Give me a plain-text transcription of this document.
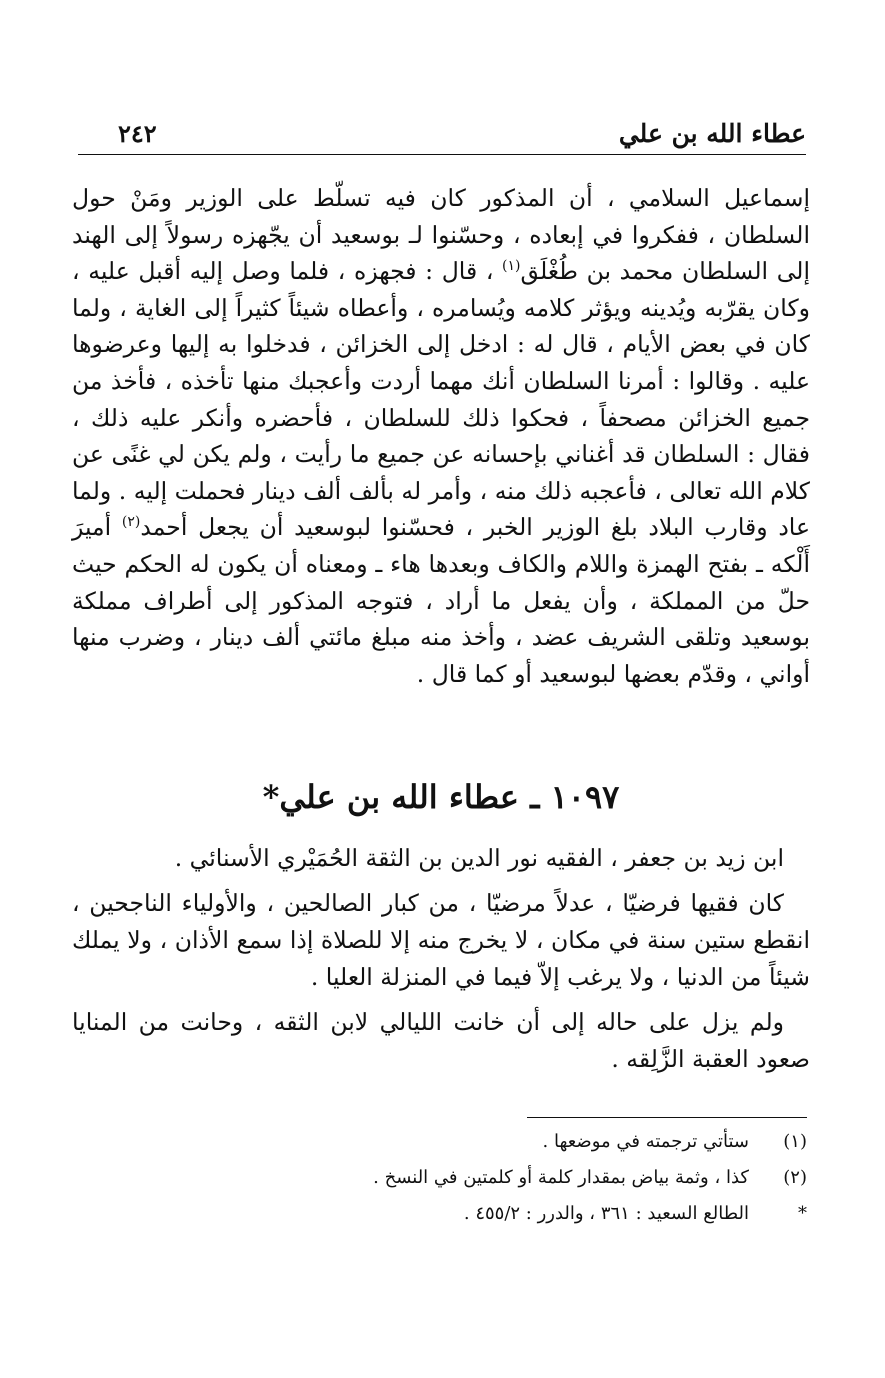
عطاء الله بن علي
٢٤٢

إسماعيل السلامي ، أن المذكور كان فيه تسلّط على الوزير ومَنْ حول السلطان ، ففكروا في إبعاده ، وحسّنوا لـ بوسعيد أن يجّهزه رسولاً إلى الهند إلى السلطان محمد بن طُغْلَق$^{(١)}$ ، قال : فجهزه ، فلما وصل إليه أقبل عليه ، وكان يقرّبه ويُدينه ويؤثر كلامه ويُسامره ، وأعطاه شيئاً كثيراً إلى الغاية ، ولما كان في بعض الأيام ، قال له : ادخل إلى الخزائن ، فدخلوا به إليها وعرضوها عليه . وقالوا : أمرنا السلطان أنك مهما أردت وأعجبك منها تأخذه ، فأخذ من جميع الخزائن مصحفاً ، فحكوا ذلك للسلطان ، فأحضره وأنكر عليه ذلك ، فقال : السلطان قد أغناني بإحسانه عن جميع ما رأيت ، ولم يكن لي غنًى عن كلام الله تعالى ، فأعجبه ذلك منه ، وأمر له بألف ألف دينار فحملت إليه . ولما عاد وقارب البلاد بلغ الوزير الخبر ، فحسّنوا لبوسعيد أن يجعل أحمد$^{(٢)}$ أميرَ أَلْكه ـ بفتح الهمزة واللام والكاف وبعدها هاء ـ ومعناه أن يكون له الحكم حيث حلّ من المملكة ، وأن يفعل ما أراد ، فتوجه المذكور إلى أطراف مملكة بوسعيد وتلقى الشريف عضد ، وأخذ منه مبلغ مائتي ألف دينار ، وضرب منها أواني ، وقدّم بعضها لبوسعيد أو كما قال .

١٠٩٧ ـ عطاء الله بن علي*

ابن زيد بن جعفر ، الفقيه نور الدين بن الثقة الحُمَيْري الأسنائي .

كان فقيها فرضيّا ، عدلاً مرضيّا ، من كبار الصالحين ، والأولياء الناجحين ، انقطع ستين سنة في مكان ، لا يخرج منه إلا للصلاة إذا سمع الأذان ، ولا يملك شيئاً من الدنيا ، ولا يرغب إلاّ فيما في المنزلة العليا .

ولم يزل على حاله إلى أن خانت الليالي لابن الثقه ، وحانت من المنايا صعود العقبة الزَّلِقه .

(١)
ستأتي ترجمته في موضعها .
(٢)
كذا ، وثمة بياض بمقدار كلمة أو كلمتين في النسخ .
*
الطالع السعيد : ٣٦١ ، والدرر : ٤٥٥/٢ .
